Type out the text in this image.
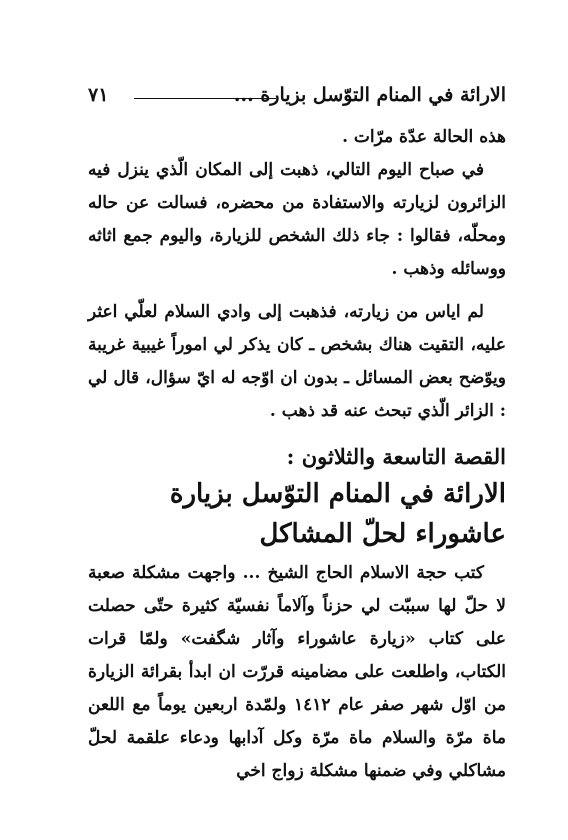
الارائة في المنام التوّسل بزيارة ...
٧١

هذه الحالة عدّة مرّات .

في صباح اليوم التالي، ذهبت إلى المكان الّذي ينزل فيه الزائرون لزيارته والاستفادة من محضره، فسالت عن حاله ومحلّه، فقالوا : جاء ذلك الشخص للزيارة، واليوم جمع اثاثه ووسائله وذهب .

لم اياس من زيارته، فذهبت إلى وادي السلام لعلّي اعثر عليه، التقيت هناك بشخص ـ كان يذكر لي اموراً غيبية غريبة ويوّضح بعض المسائل ـ بدون ان اوّجه له ايّ سؤال، قال لي : الزائر الّذي تبحث عنه قد ذهب .

القصة التاسعة والثلاثون :
الارائة في المنام التوّسل بزيارة عاشوراء لحلّ المشاكل

كتب حجة الاسلام الحاج الشيخ ... واجهت مشكلة صعبة لا حلّ لها سببّت لي حزناً وآلاماً نفسيّة كثيرة حتّى حصلت على كتاب «زيارة عاشوراء وآثار شگفت» ولمّا قرات الكتاب، واطلعت على مضامينه قررّت ان ابدأ بقرائة الزيارة من اوّل شهر صفر عام ١٤١٢ ولمّدة اربعين يوماً مع اللعن ماة مرّة والسلام ماة مرّة وكل آدابها ودعاء علقمة لحلّ مشاكلي وفي ضمنها مشكلة زواج اخي
